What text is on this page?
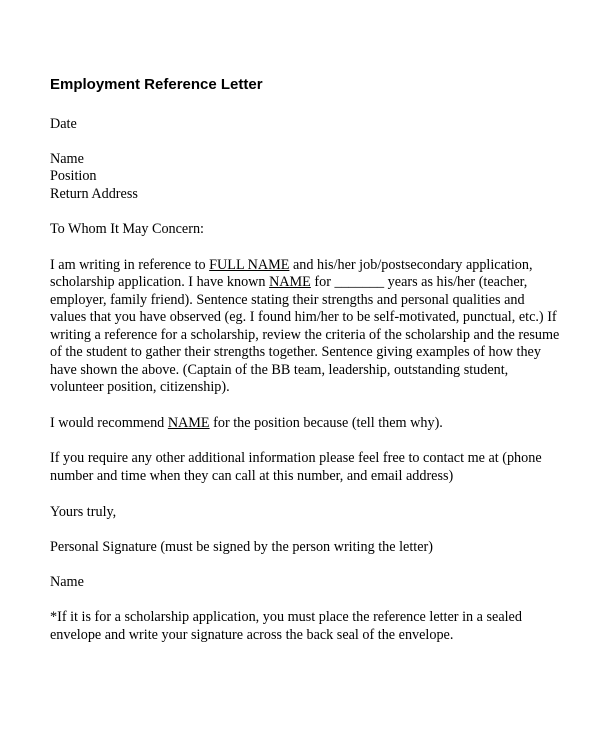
Employment Reference Letter
Date
Name
Position
Return Address
To Whom It May Concern:
I am writing in reference to FULL NAME and his/her job/postsecondary application,
scholarship application. I have known NAME for _______ years as his/her (teacher,
employer, family friend). Sentence stating their strengths and personal qualities and
values that you have observed (eg. I found him/her to be self-motivated, punctual, etc.) If
writing a reference for a scholarship, review the criteria of the scholarship and the resume
of the student to gather their strengths together. Sentence giving examples of how they
have shown the above. (Captain of the BB team, leadership, outstanding student,
volunteer position, citizenship).
I would recommend NAME for the position because (tell them why).
If you require any other additional information please feel free to contact me at (phone
number and time when they can call at this number, and email address)
Yours truly,
Personal Signature (must be signed by the person writing the letter)
Name
*If it is for a scholarship application, you must place the reference letter in a sealed
envelope and write your signature across the back seal of the envelope.
